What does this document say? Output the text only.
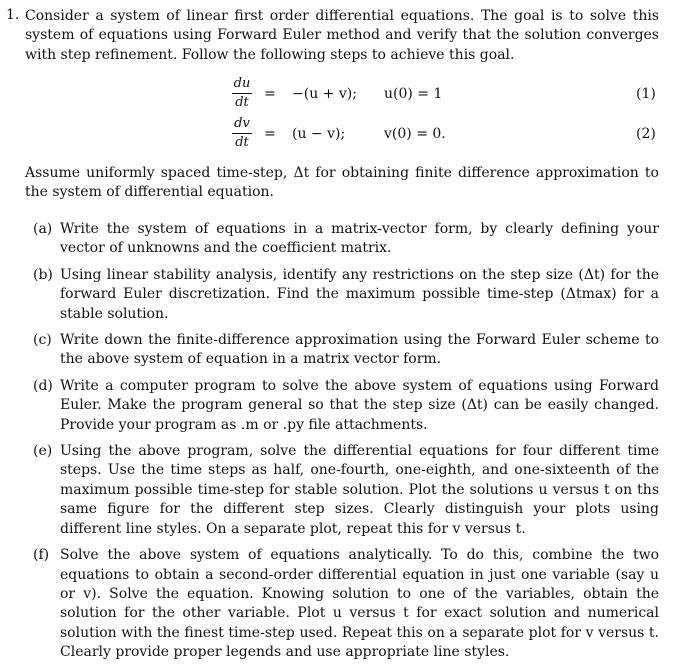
1. Consider a system of linear first order differential equations. The goal is to solve this system of equations using Forward Euler method and verify that the solution converges with step refinement. Follow the following steps to achieve this goal.
$\frac{du}{dt} = -(u + v)$; u(0) = 1	(1)
$\frac{dv}{dt} = (u - v)$;	v(0) = 0.	(2)
Assume uniformly spaced time-step, Δt for obtaining finite difference approximation to the system of differential equation.
(a) Write the system of equations in a matrix-vector form, by clearly defining your vector of unknowns and the coefficient matrix.
(b) Using linear stability analysis, identify any restrictions on the step size (Δt) for the forward Euler discretization. Find the maximum possible time-step (Δtmax) for a stable solution.
(c) Write down the finite-difference approximation using the Forward Euler scheme to the above system of equation in a matrix vector form.
(d) Write a computer program to solve the above system of equations using Forward Euler. Make the program general so that the step size (Δt) can be easily changed. Provide your program as .m or .py file attachments.
(e) Using the above program, solve the differential equations for four different time steps. Use the time steps as half, one-fourth, one-eighth, and one-sixteenth of the maximum possible time-step for stable solution. Plot the solutions u versus t on ths same figure for the different step sizes. Clearly distinguish your plots using different line styles. On a separate plot, repeat this for v versus t.
(f) Solve the above system of equations analytically. To do this, combine the two equations to obtain a second-order differential equation in just one variable (say u or v). Solve the equation. Knowing solution to one of the variables, obtain the solution for the other variable. Plot u versus t for exact solution and numerical solution with the finest time-step used. Repeat this on a separate plot for v versus t. Clearly provide proper legends and use appropriate line styles.
